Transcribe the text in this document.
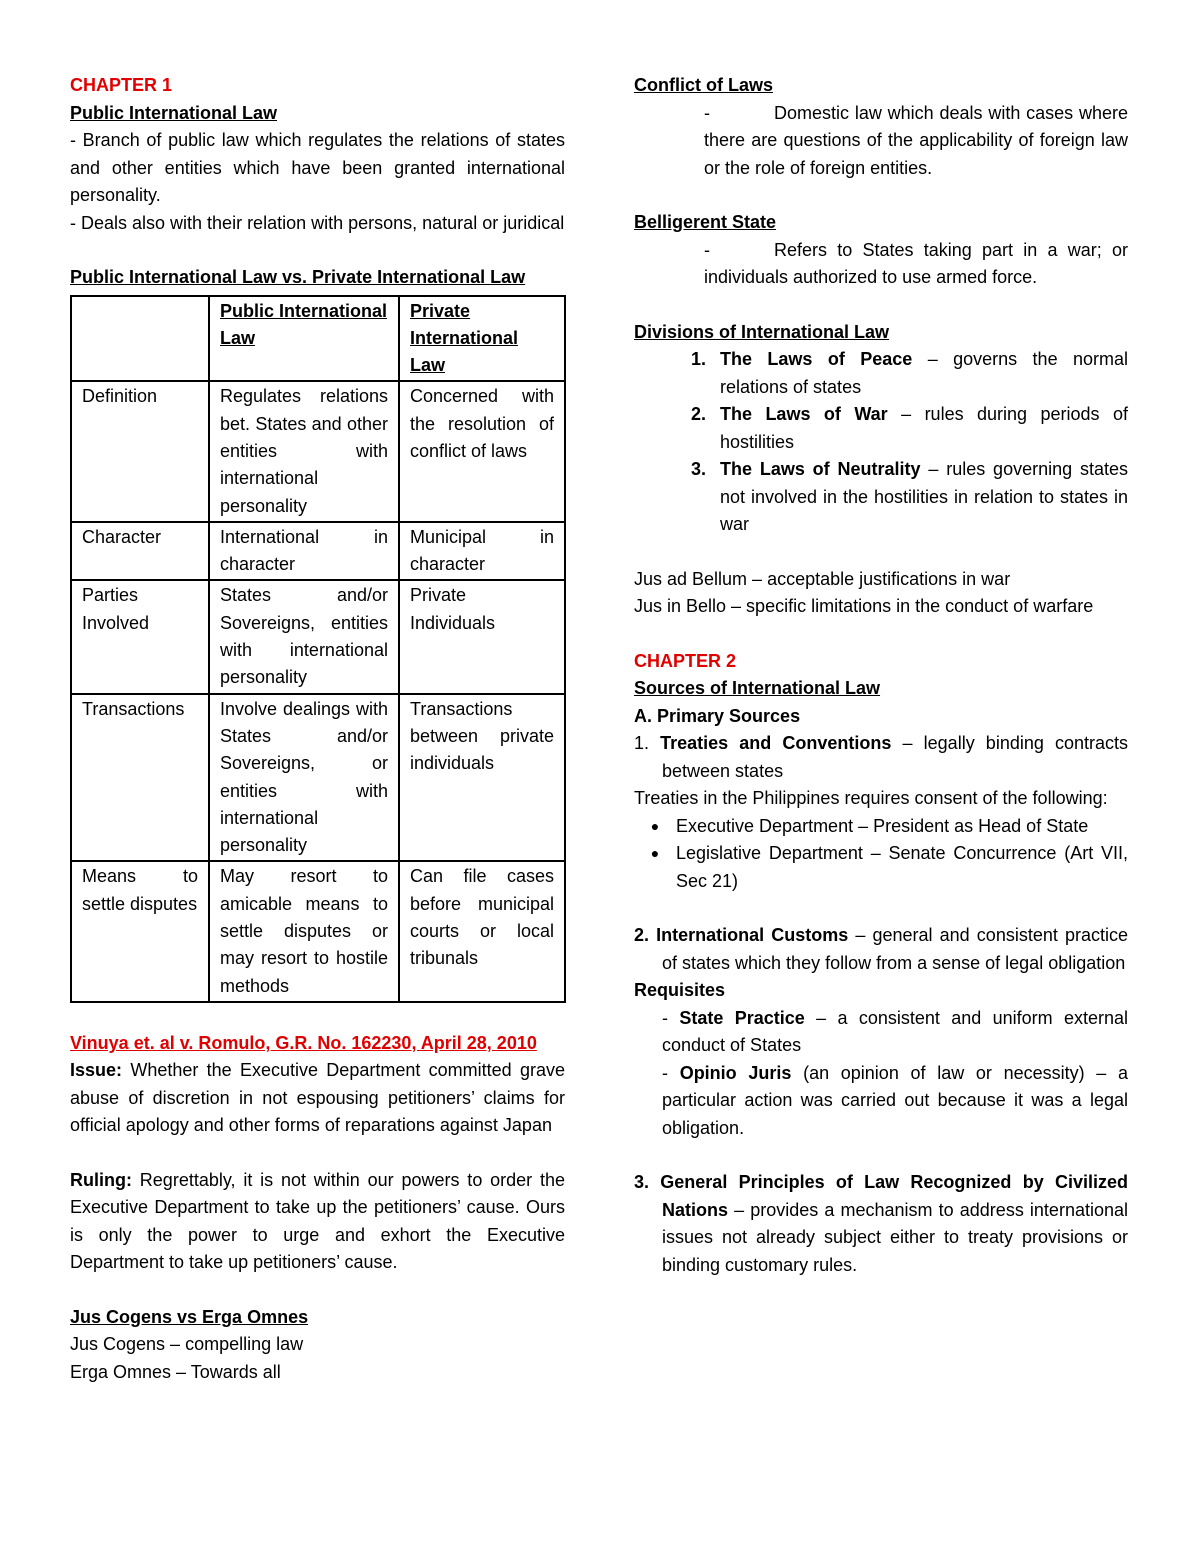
CHAPTER 1
Public International Law
- Branch of public law which regulates the relations of states and other entities which have been granted international personality.
- Deals also with their relation with persons, natural or juridical
Public International Law vs. Private International Law
	Public International Law	Private International Law
Definition	Regulates relations bet. States and other entities with international personality	Concerned with the resolution of conflict of laws
Character	International in character	Municipal in character
Parties Involved	States and/or Sovereigns, entities with international personality	Private Individuals
Transactions	Involve dealings with States and/or Sovereigns, or entities with international personality	Transactions between private individuals
Means to settle disputes	May resort to amicable means to settle disputes or may resort to hostile methods	Can file cases before municipal courts or local tribunals
Vinuya et. al v. Romulo, G.R. No. 162230, April 28, 2010
Issue: Whether the Executive Department committed grave abuse of discretion in not espousing petitioners’ claims for official apology and other forms of reparations against Japan
Ruling: Regrettably, it is not within our powers to order the Executive Department to take up the petitioners’ cause. Ours is only the power to urge and exhort the Executive Department to take up petitioners’ cause.
Jus Cogens vs Erga Omnes
Jus Cogens – compelling law
Erga Omnes – Towards all
Conflict of Laws
-	Domestic law which deals with cases where there are questions of the applicability of foreign law or the role of foreign entities.
Belligerent State
-	Refers to States taking part in a war; or individuals authorized to use armed force.
Divisions of International Law
1. The Laws of Peace – governs the normal relations of states
2. The Laws of War – rules during periods of hostilities
3. The Laws of Neutrality – rules governing states not involved in the hostilities in relation to states in war
Jus ad Bellum – acceptable justifications in war
Jus in Bello – specific limitations in the conduct of warfare
CHAPTER 2
Sources of International Law
A. Primary Sources
1. Treaties and Conventions – legally binding contracts between states
Treaties in the Philippines requires consent of the following:
● Executive Department – President as Head of State
● Legislative Department – Senate Concurrence (Art VII, Sec 21)
2. International Customs – general and consistent practice of states which they follow from a sense of legal obligation
Requisites
- State Practice – a consistent and uniform external conduct of States
- Opinio Juris (an opinion of law or necessity) – a particular action was carried out because it was a legal obligation.
3. General Principles of Law Recognized by Civilized Nations – provides a mechanism to address international issues not already subject either to treaty provisions or binding customary rules.
